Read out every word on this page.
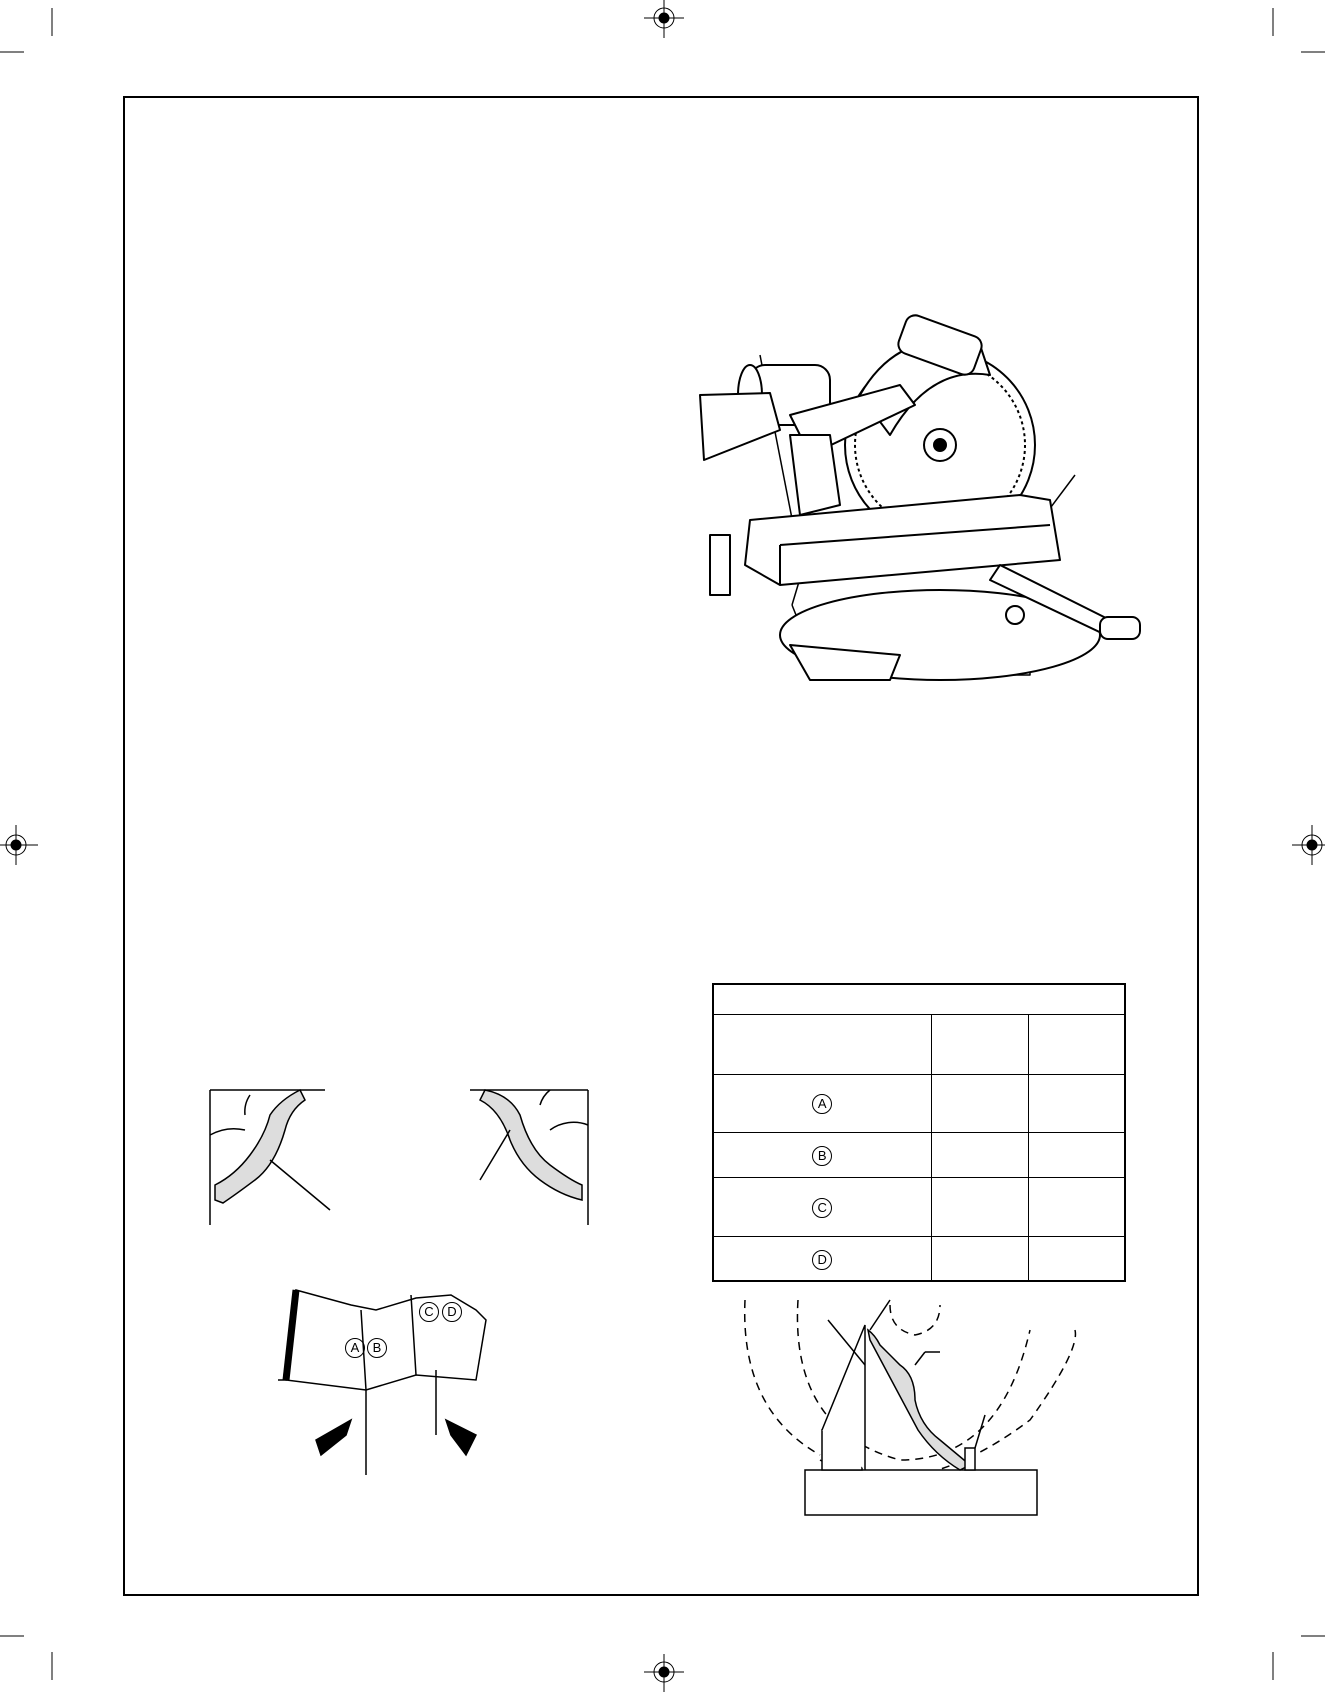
A B
C D

A		
B		
C		
D		
